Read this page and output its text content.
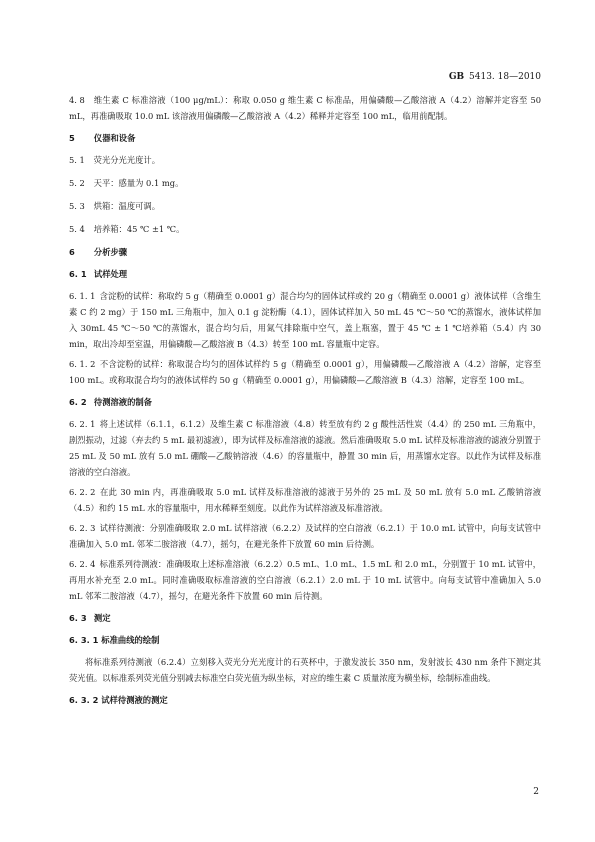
GB 5413. 18—2010

4. 8 维生素 C 标准溶液（100 μg/mL）：称取 0.050 g 维生素 C 标准品，用偏磷酸—乙酸溶液 A（4.2）溶解并定容至 50 mL，再准确吸取 10.0 mL 该溶液用偏磷酸—乙酸溶液 A（4.2）稀释并定容至 100 mL，临用前配制。

5 仪器和设备

5. 1 荧光分光光度计。

5. 2 天平：感量为 0.1 mg。

5. 3 烘箱：温度可调。

5. 4 培养箱：45 ℃ ±1 ℃。

6 分析步骤
6. 1 试样处理

6. 1. 1 含淀粉的试样：称取约 5 g（精确至 0.0001 g）混合均匀的固体试样或约 20 g（精确至 0.0001 g）液体试样（含维生素 C 约 2 mg）于 150 mL 三角瓶中，加入 0.1 g 淀粉酶（4.1），固体试样加入 50 mL 45 ℃～50 ℃的蒸馏水，液体试样加入 30mL 45 ℃～50 ℃的蒸馏水，混合均匀后，用氮气排除瓶中空气，盖上瓶塞，置于 45 ℃ ± 1 ℃培养箱（5.4）内 30 min，取出冷却至室温，用偏磷酸—乙酸溶液 B（4.3）转至 100 mL 容量瓶中定容。

6. 1. 2 不含淀粉的试样：称取混合均匀的固体试样约 5 g（精确至 0.0001 g），用偏磷酸—乙酸溶液 A（4.2）溶解，定容至 100 mL。或称取混合均匀的液体试样约 50 g（精确至 0.0001 g），用偏磷酸—乙酸溶液 B（4.3）溶解，定容至 100 mL。

6. 2 待测溶液的制备

6. 2. 1 将上述试样（6.1.1，6.1.2）及维生素 C 标准溶液（4.8）转至放有约 2 g 酸性活性炭（4.4）的 250 mL 三角瓶中，剧烈振动，过滤（弃去约 5 mL 最初滤液），即为试样及标准溶液的滤液。然后准确吸取 5.0 mL 试样及标准溶液的滤液分别置于 25 mL 及 50 mL 放有 5.0 mL 硼酸—乙酸钠溶液（4.6）的容量瓶中，静置 30 min 后，用蒸馏水定容。以此作为试样及标准溶液的空白溶液。

6. 2. 2 在此 30 min 内，再准确吸取 5.0 mL 试样及标准溶液的滤液于另外的 25 mL 及 50 mL 放有 5.0 mL 乙酸钠溶液（4.5）和约 15 mL 水的容量瓶中，用水稀释至刻度。以此作为试样溶液及标准溶液。

6. 2. 3 试样待测液：分别准确吸取 2.0 mL 试样溶液（6.2.2）及试样的空白溶液（6.2.1）于 10.0 mL 试管中，向每支试管中准确加入 5.0 mL 邻苯二胺溶液（4.7），摇匀，在避光条件下放置 60 min 后待测。

6. 2. 4 标准系列待测液：准确吸取上述标准溶液（6.2.2）0.5 mL、1.0 mL、1.5 mL 和 2.0 mL，分别置于 10 mL 试管中，再用水补充至 2.0 mL。同时准确吸取标准溶液的空白溶液（6.2.1）2.0 mL 于 10 mL 试管中。向每支试管中准确加入 5.0 mL 邻苯二胺溶液（4.7），摇匀，在避光条件下放置 60 min 后待测。

6. 3 测定
6. 3. 1 标准曲线的绘制

将标准系列待测液（6.2.4）立刻移入荧光分光光度计的石英杯中，于激发波长 350 nm，发射波长 430 nm 条件下测定其荧光值。以标准系列荧光值分别减去标准空白荧光值为纵坐标，对应的维生素 C 质量浓度为横坐标，绘制标准曲线。

6. 3. 2 试样待测液的测定
2
